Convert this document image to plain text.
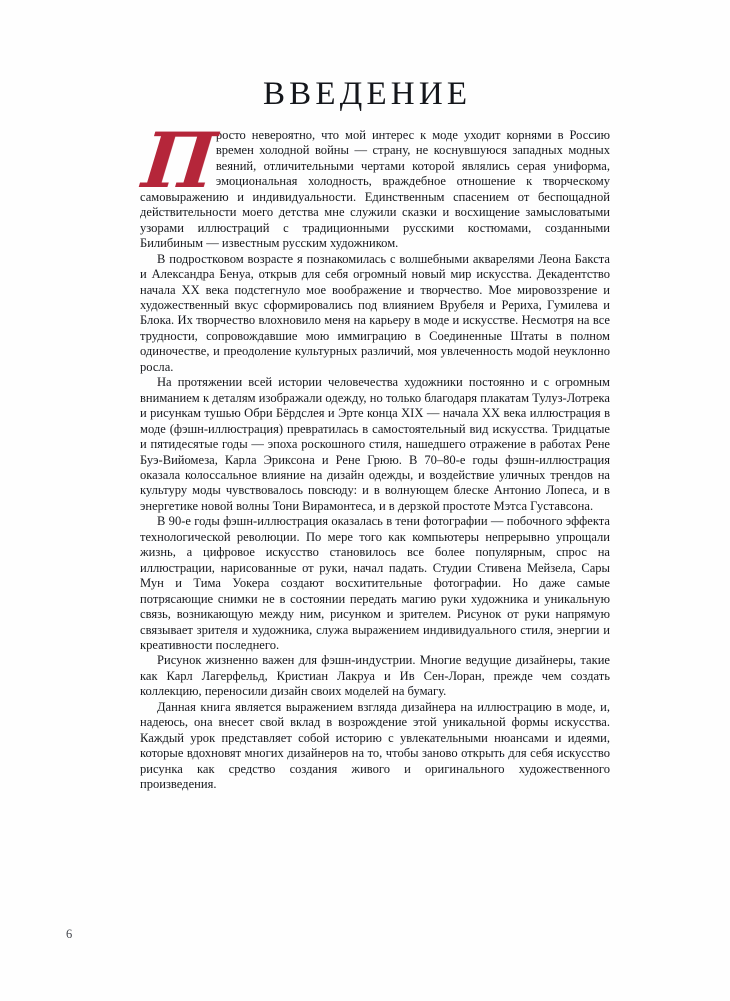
ВВЕДЕНИЕ

П
росто невероятно, что мой интерес к моде уходит корнями в Россию времен холодной войны — страну, не коснувшуюся западных модных веяний, отличительными чертами которой являлись серая униформа, эмоциональная холодность, враждебное отношение к творческому самовыражению и индивидуальности. Единственным спасением от беспощадной действительности моего детства мне служили сказки и восхищение замысловатыми узорами иллюстраций с традиционными русскими костюмами, созданными Билибиным — известным русским художником.

В подростковом возрасте я познакомилась с волшебными акварелями Леона Бакста и Александра Бенуа, открыв для себя огромный новый мир искусства. Декадентство начала XX века подстегнуло мое воображение и творчество. Мое мировоззрение и художественный вкус сформировались под влиянием Врубеля и Рериха, Гумилева и Блока. Их творчество влохновило меня на карьеру в моде и искусстве. Несмотря на все трудности, сопровождавшие мою иммиграцию в Соединенные Штаты в полном одиночестве, и преодоление культурных различий, моя увлеченность модой неуклонно росла.

На протяжении всей истории человечества художники постоянно и с огромным вниманием к деталям изображали одежду, но только благодаря плакатам Тулуз-Лотрека и рисункам тушью Обри Бёрдслея и Эрте конца XIX — начала XX века иллюстрация в моде (фэшн-иллюстрация) превратилась в самостоятельный вид искусства. Тридцатые и пятидесятые годы — эпоха роскошного стиля, нашедшего отражение в работах Рене Буэ-Вийомеза, Карла Эриксона и Рене Грюю. В 70–80-е годы фэшн-иллюстрация оказала колоссальное влияние на дизайн одежды, и воздействие уличных трендов на культуру моды чувствовалось повсюду: и в волнующем блеске Антонио Лопеса, и в энергетике новой волны Тони Вирамонтеса, и в дерзкой простоте Мэтса Густавсона.

В 90-е годы фэшн-иллюстрация оказалась в тени фотографии — побочного эффекта технологической революции. По мере того как компьютеры непрерывно упрощали жизнь, а цифровое искусство становилось все более популярным, спрос на иллюстрации, нарисованные от руки, начал падать. Студии Стивена Мейзела, Сары Мун и Тима Уокера создают восхитительные фотографии. Но даже самые потрясающие снимки не в состоянии передать магию руки художника и уникальную связь, возникающую между ним, рисунком и зрителем. Рисунок от руки напрямую связывает зрителя и художника, служа выражением индивидуального стиля, энергии и креативности последнего.

Рисунок жизненно важен для фэшн-индустрии. Многие ведущие дизайнеры, такие как Карл Лагерфельд, Кристиан Лакруа и Ив Сен-Лоран, прежде чем создать коллекцию, переносили дизайн своих моделей на бумагу.

Данная книга является выражением взгляда дизайнера на иллюстрацию в моде, и, надеюсь, она внесет свой вклад в возрождение этой уникальной формы искусства. Каждый урок представляет собой историю с увлекательными нюансами и идеями, которые вдохновят многих дизайнеров на то, чтобы заново открыть для себя искусство рисунка как средство создания живого и оригинального художественного произведения.

6
